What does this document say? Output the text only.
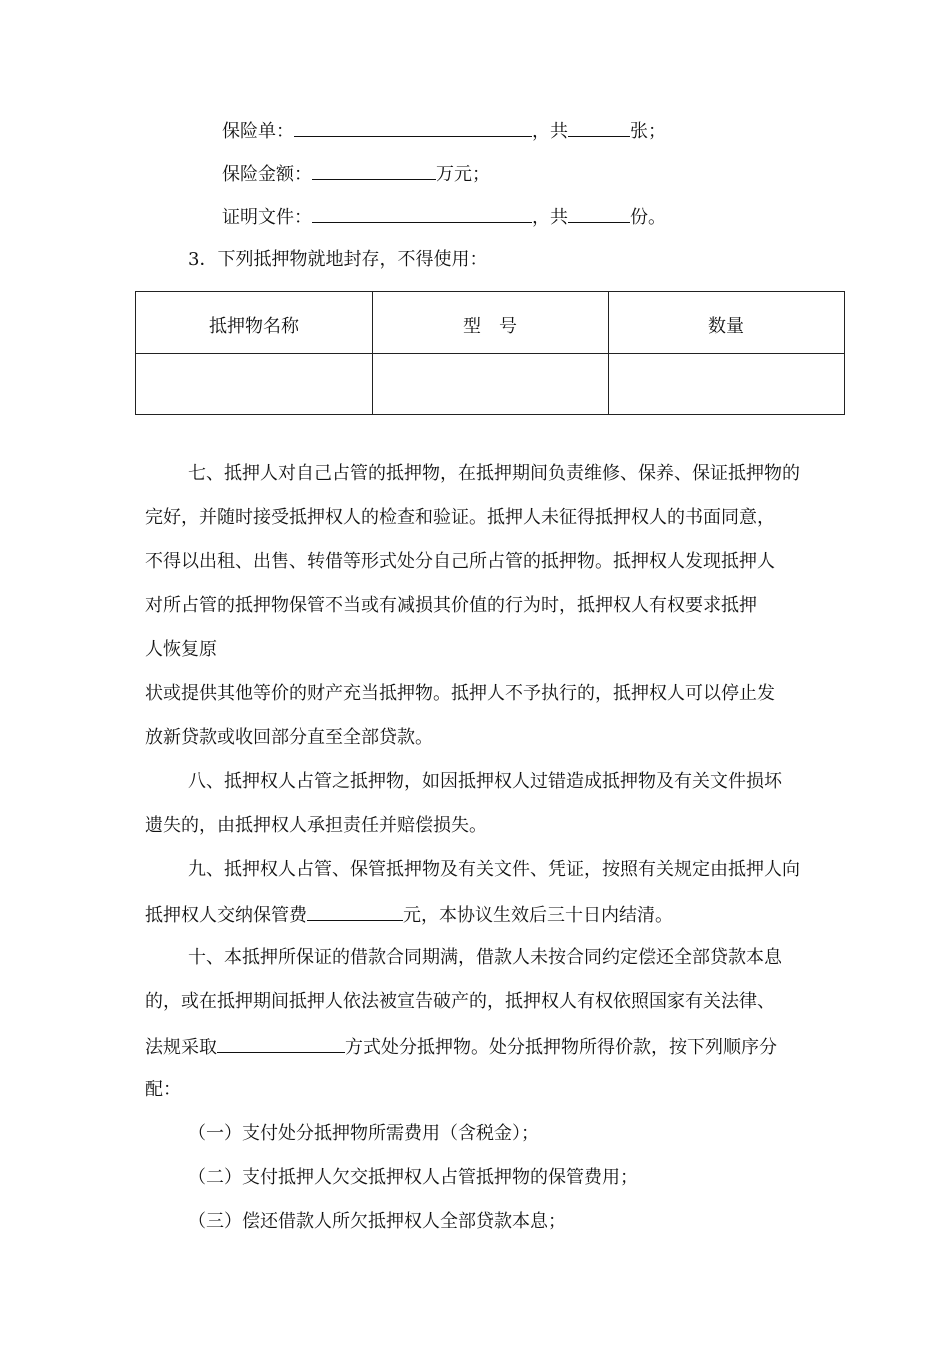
保险单：	，共	张；
保险金额：	万元；
证明文件：	，共	份。
3．下列抵押物就地封存，不得使用：
抵押物名称	型　号	数量
七、抵押人对自己占管的抵押物，在抵押期间负责维修、保养、保证抵押物的
完好，并随时接受抵押权人的检查和验证。抵押人未征得抵押权人的书面同意，
不得以出租、出售、转借等形式处分自己所占管的抵押物。抵押权人发现抵押人
对所占管的抵押物保管不当或有减损其价值的行为时，抵押权人有权要求抵押
人恢复原
状或提供其他等价的财产充当抵押物。抵押人不予执行的，抵押权人可以停止发
放新贷款或收回部分直至全部贷款。
八、抵押权人占管之抵押物，如因抵押权人过错造成抵押物及有关文件损坏
遗失的，由抵押权人承担责任并赔偿损失。
九、抵押权人占管、保管抵押物及有关文件、凭证，按照有关规定由抵押人向
抵押权人交纳保管费	元，本协议生效后三十日内结清。
十、本抵押所保证的借款合同期满，借款人未按合同约定偿还全部贷款本息
的，或在抵押期间抵押人依法被宣告破产的，抵押权人有权依照国家有关法律、
法规采取	方式处分抵押物。处分抵押物所得价款，按下列顺序分
配：
（一）支付处分抵押物所需费用（含税金）；
（二）支付抵押人欠交抵押权人占管抵押物的保管费用；
（三）偿还借款人所欠抵押权人全部贷款本息；
